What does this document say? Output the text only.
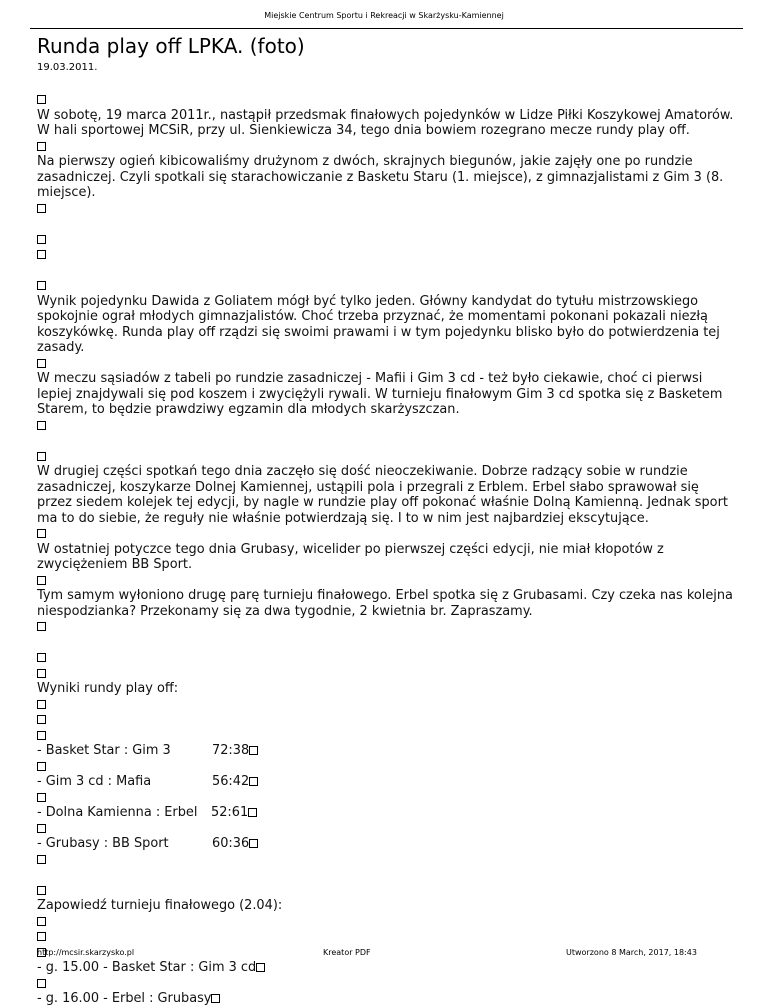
Miejskie Centrum Sportu i Rekreacji w Skarżysku-Kamiennej
Runda play off LPKA. (foto)
19.03.2011.
W sobotę, 19 marca 2011r., nastąpił przedsmak finałowych pojedynków w Lidze Piłki Koszykowej Amatorów. W hali sportowej MCSiR, przy ul. Sienkiewicza 34, tego dnia bowiem rozegrano mecze rundy play off.
Na pierwszy ogień kibicowaliśmy drużynom z dwóch, skrajnych biegunów, jakie zajęły one po rundzie zasadniczej. Czyli spotkali się starachowiczanie z Basketu Staru (1. miejsce), z gimnazjalistami z Gim 3 (8. miejsce).
Wynik pojedynku Dawida z Goliatem mógł być tylko jeden. Główny kandydat do tytułu mistrzowskiego spokojnie ograł młodych gimnazjalistów. Choć trzeba przyznać, że momentami pokonani pokazali niezłą koszykówkę. Runda play off rządzi się swoimi prawami i w tym pojedynku blisko było do potwierdzenia tej zasady.
W meczu sąsiadów z tabeli po rundzie zasadniczej - Mafii i Gim 3 cd - też było ciekawie, choć ci pierwsi lepiej znajdywali się pod koszem i zwyciężyli rywali. W turnieju finałowym Gim 3 cd spotka się z Basketem Starem, to będzie prawdziwy egzamin dla młodych skarżyszczan.
W drugiej części spotkań tego dnia zaczęło się dość nieoczekiwanie. Dobrze radzący sobie w rundzie zasadniczej, koszykarze Dolnej Kamiennej, ustąpili pola i przegrali z Erblem. Erbel słabo sprawował się przez siedem kolejek tej edycji, by nagle w rundzie play off pokonać właśnie Dolną Kamienną. Jednak sport ma to do siebie, że reguły nie właśnie potwierdzają się. I to w nim jest najbardziej ekscytujące.
W ostatniej potyczce tego dnia Grubasy, wicelider po pierwszej części edycji, nie miał kłopotów z zwyciężeniem BB Sport.
Tym samym wyłoniono drugę parę turnieju finałowego. Erbel spotka się z Grubasami. Czy czeka nas kolejna niespodzianka? Przekonamy się za dwa tygodnie, 2 kwietnia br. Zapraszamy.
Wyniki rundy play off:
- Basket Star : Gim 3	72:38
- Gim 3 cd : Mafia	56:42
- Dolna Kamienna : Erbel 52:61
- Grubasy : BB Sport	60:36
Zapowiedź turnieju finałowego (2.04):
- g. 15.00 - Basket Star : Gim 3 cd
- g. 16.00 - Erbel : Grubasy
http://mcsir.skarzysko.pl	Kreator PDF	Utworzono 8 March, 2017, 18:43
